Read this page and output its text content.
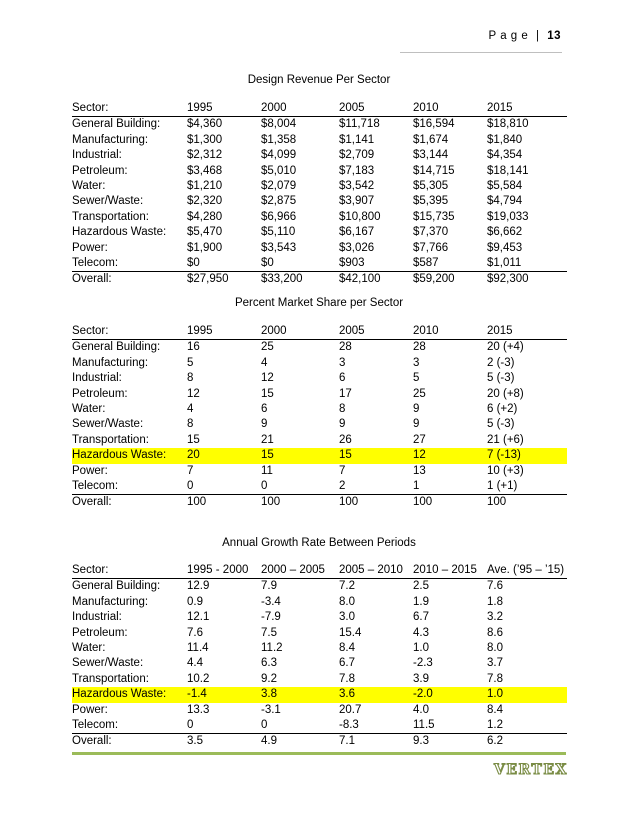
P a g e | 13
Design Revenue Per Sector
Sector:	1995	2000	2005	2010	2015
General Building:	$4,360	$8,004	$11,718	$16,594	$18,810
Manufacturing:	$1,300	$1,358	$1,141	$1,674	$1,840
Industrial:	$2,312	$4,099	$2,709	$3,144	$4,354
Petroleum:	$3,468	$5,010	$7,183	$14,715	$18,141
Water:	$1,210	$2,079	$3,542	$5,305	$5,584
Sewer/Waste:	$2,320	$2,875	$3,907	$5,395	$4,794
Transportation:	$4,280	$6,966	$10,800	$15,735	$19,033
Hazardous Waste:	$5,470	$5,110	$6,167	$7,370	$6,662
Power:	$1,900	$3,543	$3,026	$7,766	$9,453
Telecom:	$0	$0	$903	$587	$1,011
Overall:	$27,950	$33,200	$42,100	$59,200	$92,300
Percent Market Share per Sector
Sector:	1995	2000	2005	2010	2015
General Building:	16	25	28	28	20 (+4)
Manufacturing:	5	4	3	3	2 (-3)
Industrial:	8	12	6	5	5 (-3)
Petroleum:	12	15	17	25	20 (+8)
Water:	4	6	8	9	6 (+2)
Sewer/Waste:	8	9	9	9	5 (-3)
Transportation:	15	21	26	27	21 (+6)
Hazardous Waste:	20	15	15	12	7 (-13)
Power:	7	11	7	13	10 (+3)
Telecom:	0	0	2	1	1 (+1)
Overall:	100	100	100	100	100
Annual Growth Rate Between Periods
Sector:	1995 - 2000	2000 – 2005	2005 – 2010	2010 – 2015	Ave. (’95 – ’15)
General Building:	12.9	7.9	7.2	2.5	7.6
Manufacturing:	0.9	-3.4	8.0	1.9	1.8
Industrial:	12.1	-7.9	3.0	6.7	3.2
Petroleum:	7.6	7.5	15.4	4.3	8.6
Water:	11.4	11.2	8.4	1.0	8.0
Sewer/Waste:	4.4	6.3	6.7	-2.3	3.7
Transportation:	10.2	9.2	7.8	3.9	7.8
Hazardous Waste:	-1.4	3.8	3.6	-2.0	1.0
Power:	13.3	-3.1	20.7	4.0	8.4
Telecom:	0	0	-8.3	11.5	1.2
Overall:	3.5	4.9	7.1	9.3	6.2
VERTEX
